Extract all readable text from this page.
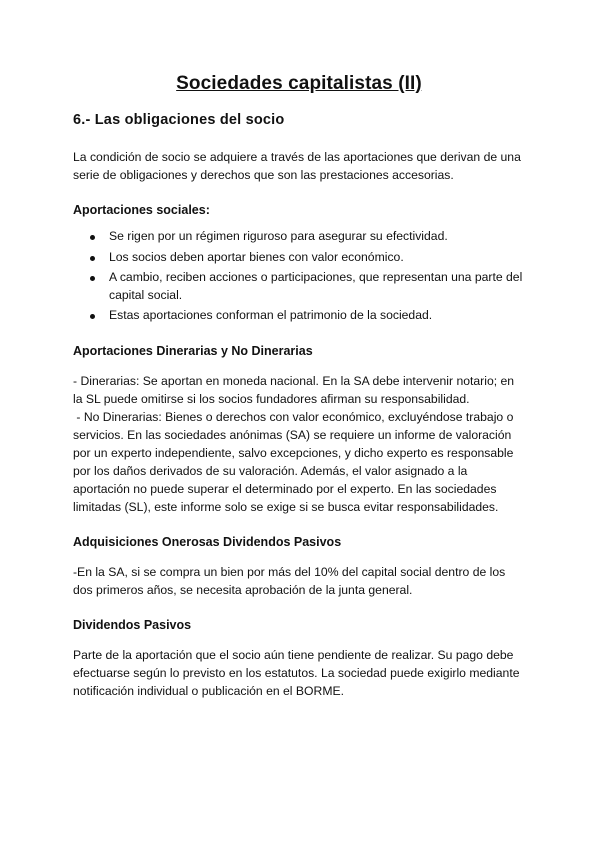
Sociedades capitalistas (II)
6.- Las obligaciones del socio

La condición de socio se adquiere a través de las aportaciones que derivan de una serie de obligaciones y derechos que son las prestaciones accesorias.

Aportaciones sociales:
Se rigen por un régimen riguroso para asegurar su efectividad.
Los socios deben aportar bienes con valor económico.
A cambio, reciben acciones o participaciones, que representan una parte del capital social.
Estas aportaciones conforman el patrimonio de la sociedad.
Aportaciones Dinerarias y No Dinerarias

- Dinerarias: Se aportan en moneda nacional. En la SA debe intervenir notario; en la SL puede omitirse si los socios fundadores afirman su responsabilidad.

- No Dinerarias: Bienes o derechos con valor económico, excluyéndose trabajo o servicios. En las sociedades anónimas (SA) se requiere un informe de valoración por un experto independiente, salvo excepciones, y dicho experto es responsable por los daños derivados de su valoración. Además, el valor asignado a la aportación no puede superar el determinado por el experto. En las sociedades limitadas (SL), este informe solo se exige si se busca evitar responsabilidades.

Adquisiciones Onerosas Dividendos Pasivos

-En la SA, si se compra un bien por más del 10% del capital social dentro de los dos primeros años, se necesita aprobación de la junta general.

Dividendos Pasivos

Parte de la aportación que el socio aún tiene pendiente de realizar. Su pago debe efectuarse según lo previsto en los estatutos. La sociedad puede exigirlo mediante notificación individual o publicación en el BORME.
